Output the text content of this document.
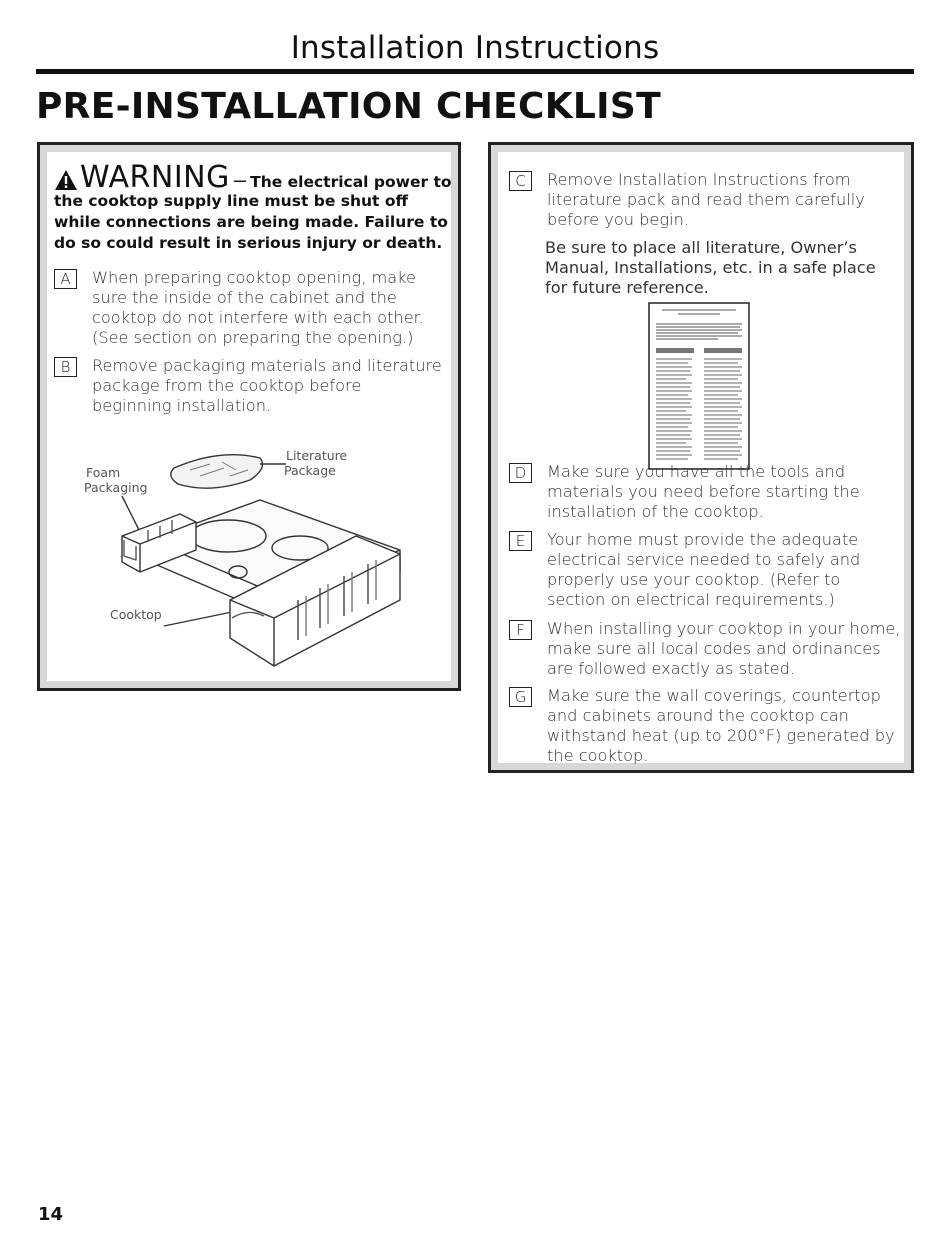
Installation Instructions
PRE-INSTALLATION CHECKLIST
WARNING – The electrical power to
the cooktop supply line must be shut off while connections are being made. Failure to do so could result in serious injury or death.
A	When preparing cooktop opening, make sure the inside of the cabinet and the cooktop do not interfere with each other. (See section on preparing the opening.)
B	Remove packaging materials and literature package from the cooktop before beginning installation.
Foam
Packaging
Literature
Package
Cooktop
C	Remove Installation Instructions from literature pack and read them carefully before you begin.
Be sure to place all literature, Owner’s Manual, Installations, etc. in a safe place for future reference.
D	Make sure you have all the tools and materials you need before starting the installation of the cooktop.
E	Your home must provide the adequate electrical service needed to safely and properly use your cooktop. (Refer to section on electrical requirements.)
F	When installing your cooktop in your home, make sure all local codes and ordinances are followed exactly as stated.
G	Make sure the wall coverings, countertop and cabinets around the cooktop can withstand heat (up to 200°F) generated by the cooktop.
14
